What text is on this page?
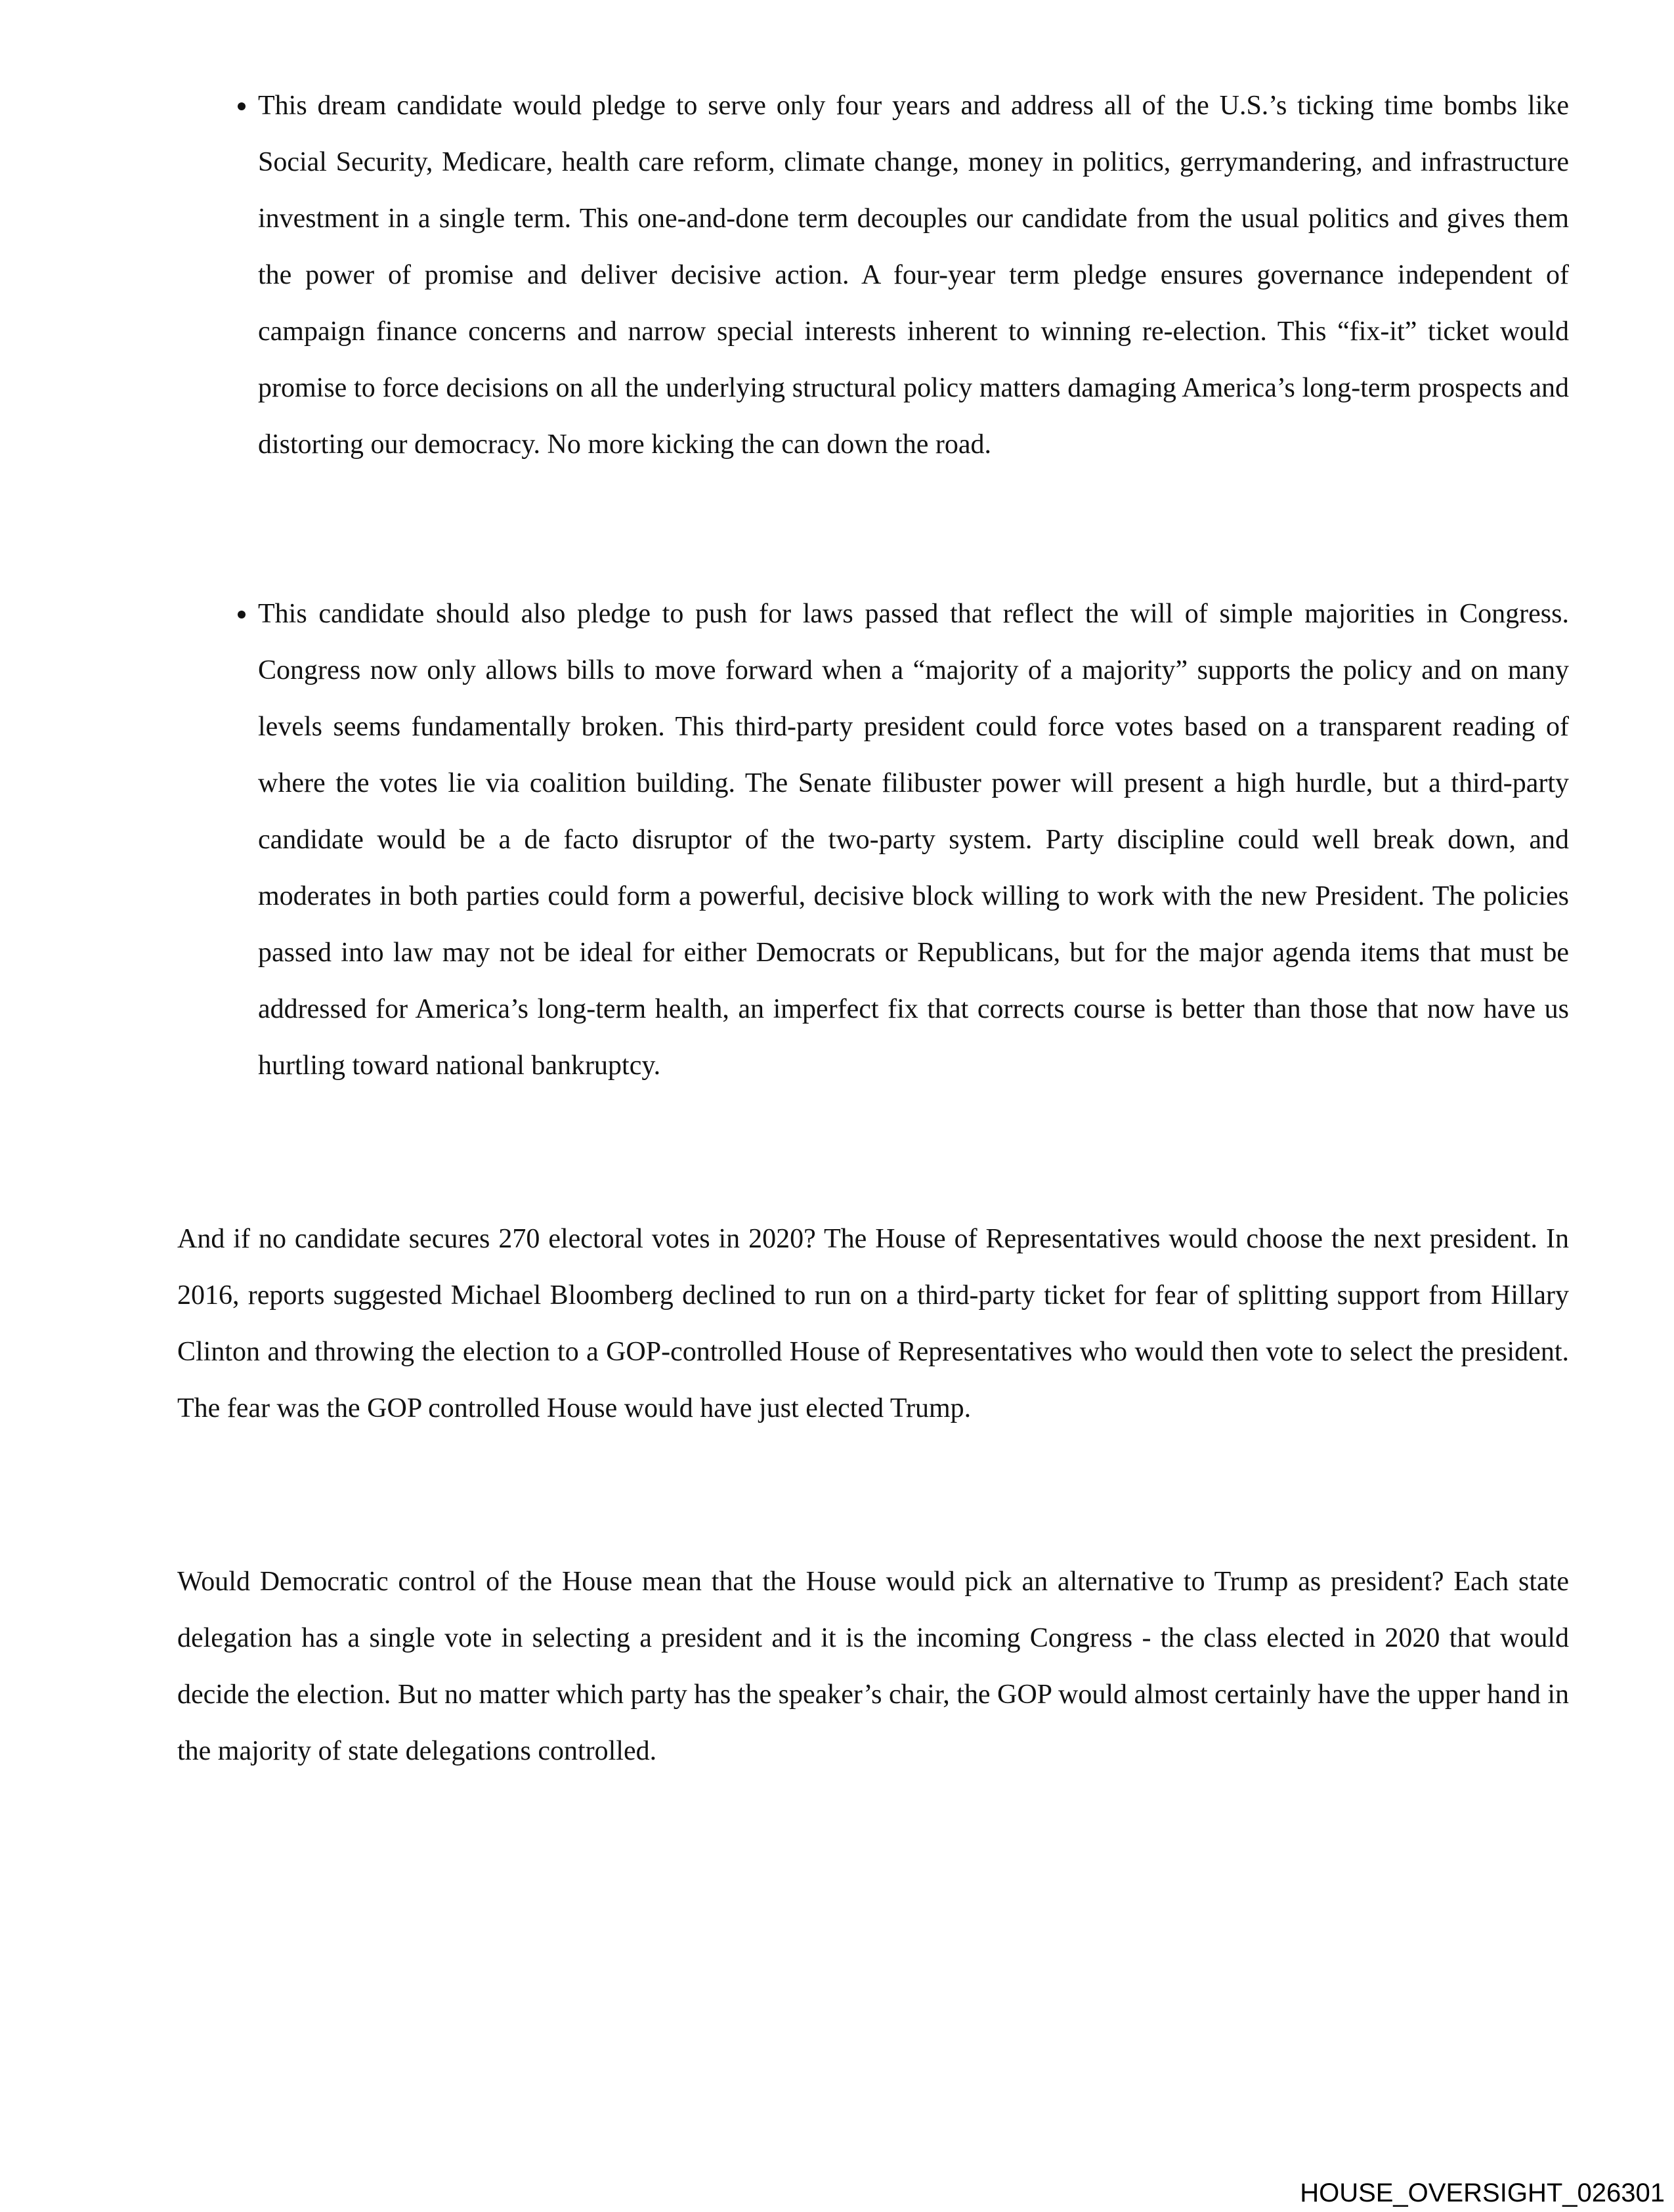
• This dream candidate would pledge to serve only four years and address all of the U.S.’s ticking time bombs like Social Security, Medicare, health care reform, climate change, money in politics, gerrymandering, and infrastructure investment in a single term. This one-and-done term decouples our candidate from the usual politics and gives them the power of promise and deliver decisive action. A four-year term pledge ensures governance independent of campaign finance concerns and narrow special interests inherent to winning re-election. This “fix-it” ticket would promise to force decisions on all the underlying structural policy matters damaging America’s long-term prospects and distorting our democracy. No more kicking the can down the road.
• This candidate should also pledge to push for laws passed that reflect the will of simple majorities in Congress. Congress now only allows bills to move forward when a “majority of a majority” supports the policy and on many levels seems fundamentally broken. This third-party president could force votes based on a transparent reading of where the votes lie via coalition building. The Senate filibuster power will present a high hurdle, but a third-party candidate would be a de facto disruptor of the two-party system. Party discipline could well break down, and moderates in both parties could form a powerful, decisive block willing to work with the new President. The policies passed into law may not be ideal for either Democrats or Republicans, but for the major agenda items that must be addressed for America’s long-term health, an imperfect fix that corrects course is better than those that now have us hurtling toward national bankruptcy.

And if no candidate secures 270 electoral votes in 2020? The House of Representatives would choose the next president. In 2016, reports suggested Michael Bloomberg declined to run on a third-party ticket for fear of splitting support from Hillary Clinton and throwing the election to a GOP-controlled House of Representatives who would then vote to select the president. The fear was the GOP controlled House would have just elected Trump.

Would Democratic control of the House mean that the House would pick an alternative to Trump as president? Each state delegation has a single vote in selecting a president and it is the incoming Congress - the class elected in 2020 that would decide the election. But no matter which party has the speaker’s chair, the GOP would almost certainly have the upper hand in the majority of state delegations controlled.

HOUSE_OVERSIGHT_026301
